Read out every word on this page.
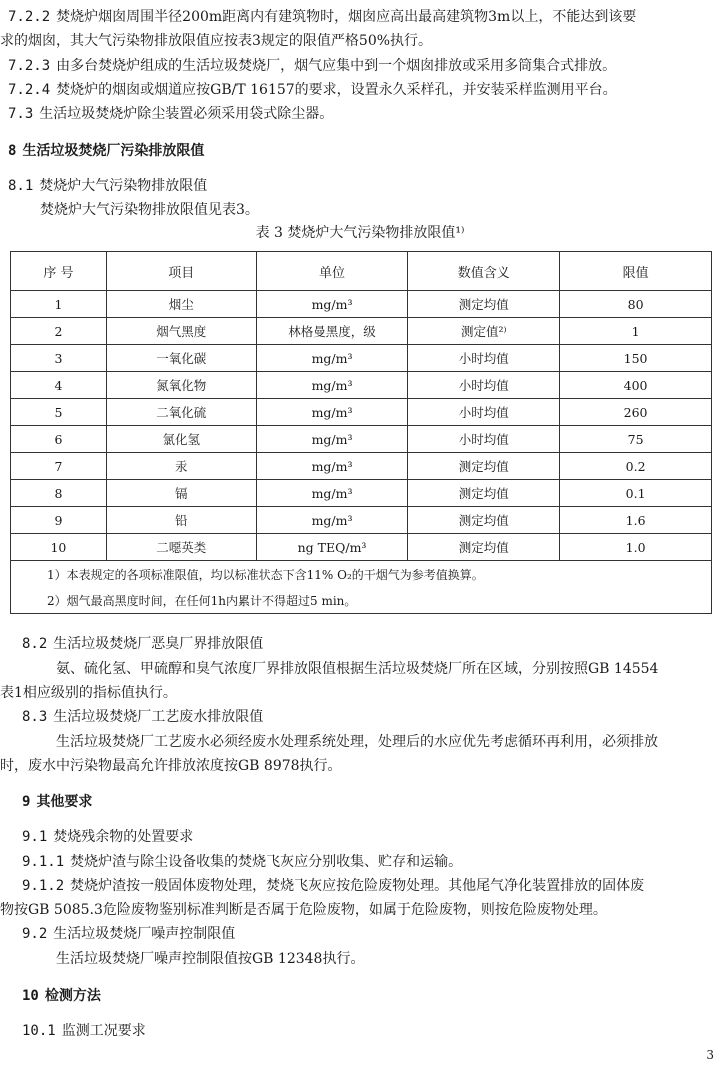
7.2.2 焚烧炉烟囱周围半径200m距离内有建筑物时，烟囱应高出最高建筑物3m以上，不能达到该要
求的烟囱，其大气污染物排放限值应按表3规定的限值严格50%执行。
7.2.3 由多台焚烧炉组成的生活垃圾焚烧厂，烟气应集中到一个烟囱排放或采用多筒集合式排放。
7.2.4 焚烧炉的烟囱或烟道应按GB/T 16157的要求，设置永久采样孔，并安装采样监测用平台。
7.3 生活垃圾焚烧炉除尘装置必须采用袋式除尘器。
8 生活垃圾焚烧厂污染排放限值
8.1 焚烧炉大气污染物排放限值
焚烧炉大气污染物排放限值见表3。
表 3 焚烧炉大气污染物排放限值¹⁾
序 号	项目	单位	数值含义	限值
1	烟尘	mg/m³	测定均值	80
2	烟气黑度	林格曼黑度，级	测定值²⁾	1
3	一氧化碳	mg/m³	小时均值	150
4	氮氧化物	mg/m³	小时均值	400
5	二氧化硫	mg/m³	小时均值	260
6	氯化氢	mg/m³	小时均值	75
7	汞	mg/m³	测定均值	0.2
8	镉	mg/m³	测定均值	0.1
9	铅	mg/m³	测定均值	1.6
10	二噁英类	ng TEQ/m³	测定均值	1.0
1）本表规定的各项标准限值，均以标准状态下含11% O₂的干烟气为参考值换算。				
2）烟气最高黑度时间，在任何1h内累计不得超过5 min。				
8.2 生活垃圾焚烧厂恶臭厂界排放限值
氨、硫化氢、甲硫醇和臭气浓度厂界排放限值根据生活垃圾焚烧厂所在区域，分别按照GB 14554
表1相应级别的指标值执行。
8.3 生活垃圾焚烧厂工艺废水排放限值
生活垃圾焚烧厂工艺废水必须经废水处理系统处理，处理后的水应优先考虑循环再利用，必须排放
时，废水中污染物最高允许排放浓度按GB 8978执行。
9 其他要求
9.1 焚烧残余物的处置要求
9.1.1 焚烧炉渣与除尘设备收集的焚烧飞灰应分别收集、贮存和运输。
9.1.2 焚烧炉渣按一般固体废物处理，焚烧飞灰应按危险废物处理。其他尾气净化装置排放的固体废
物按GB 5085.3危险废物鉴别标准判断是否属于危险废物，如属于危险废物，则按危险废物处理。
9.2 生活垃圾焚烧厂噪声控制限值
生活垃圾焚烧厂噪声控制限值按GB 12348执行。
10 检测方法
10.1 监测工况要求
3
